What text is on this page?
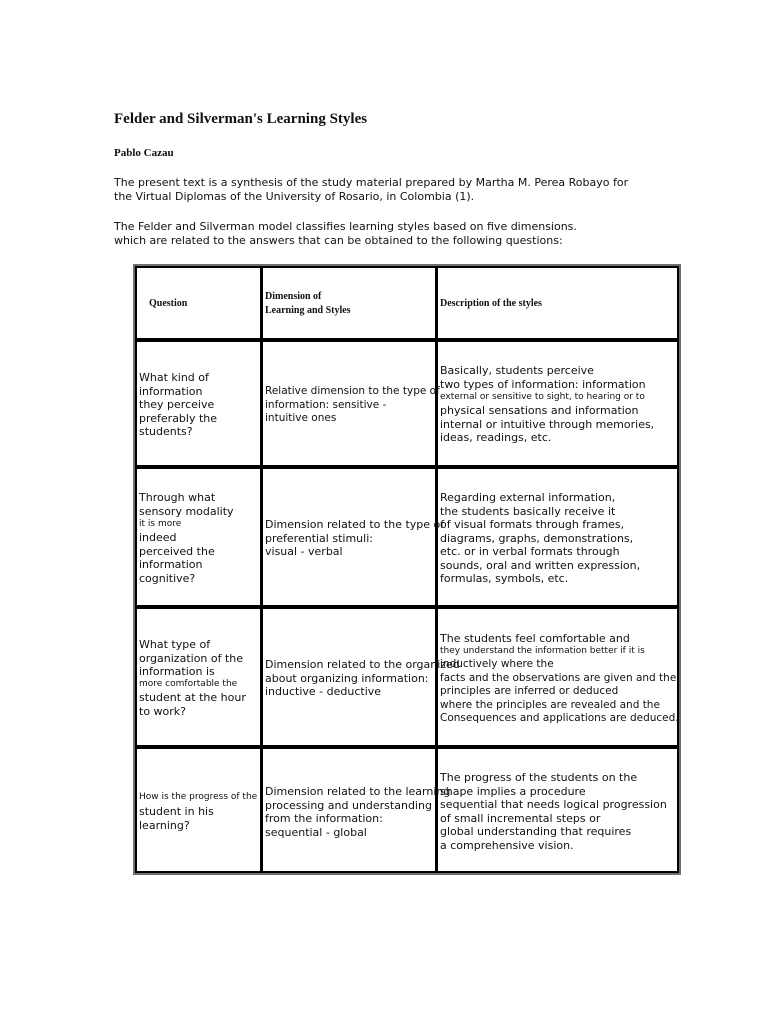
Felder and Silverman's Learning Styles
Pablo Cazau
The present text is a synthesis of the study material prepared by Martha M. Perea Robayo for
the Virtual Diplomas of the University of Rosario, in Colombia (1).
The Felder and Silverman model classifies learning styles based on five dimensions.
which are related to the answers that can be obtained to the following questions:
Question
Dimension of
Learning and Styles
Description of the styles
What kind of
information
they perceive
preferably the
students?
Relative dimension to the type of
information: sensitive -
intuitive ones
Basically, students perceive
two types of information: information
external or sensitive to sight, to hearing or to
physical sensations and information
internal or intuitive through memories,
ideas, readings, etc.
Through what
sensory modality
it is more
indeed
perceived the
information
cognitive?
Dimension related to the type of
preferential stimuli:
visual - verbal
Regarding external information,
the students basically receive it
of visual formats through frames,
diagrams, graphs, demonstrations,
etc. or in verbal formats through
sounds, oral and written expression,
formulas, symbols, etc.
What type of
organization of the
information is
more comfortable the
student at the hour
to work?
Dimension related to the organized
about organizing information:
inductive - deductive
The students feel comfortable and
they understand the information better if it is
inductively where the
facts and the observations are given and the
principles are inferred or deduced
where the principles are revealed and the
Consequences and applications are deduced.
How is the progress of the
student in his
learning?
Dimension related to the learning
processing and understanding
from the information:
sequential - global
The progress of the students on the
shape implies a procedure
sequential that needs logical progression
of small incremental steps or
global understanding that requires
a comprehensive vision.
